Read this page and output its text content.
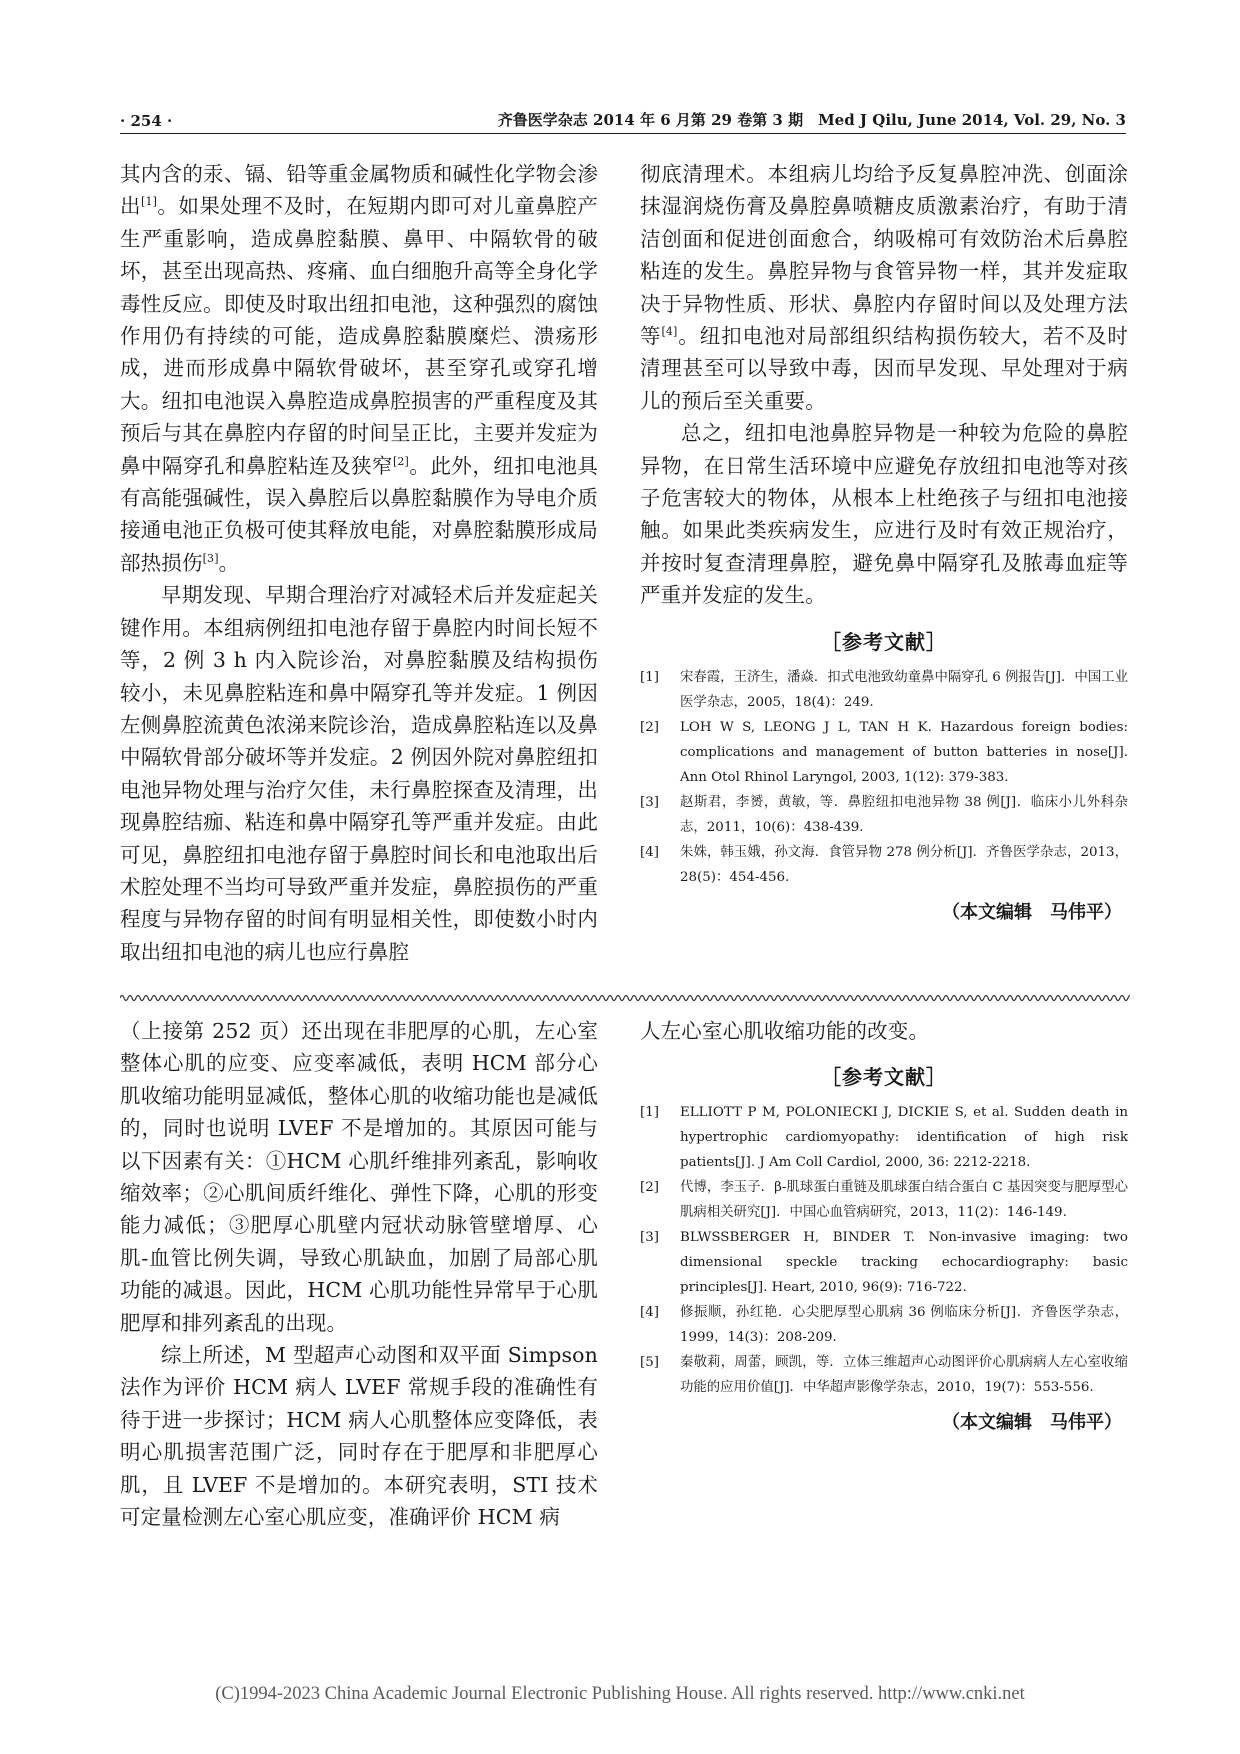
· 254 ·	齐鲁医学杂志 2014 年 6 月第 29 卷第 3 期　Med J Qilu, June 2014, Vol. 29, No. 3

其内含的汞、镉、铅等重金属物质和碱性化学物会渗出[1]。如果处理不及时，在短期内即可对儿童鼻腔产生严重影响，造成鼻腔黏膜、鼻甲、中隔软骨的破坏，甚至出现高热、疼痛、血白细胞升高等全身化学毒性反应。即使及时取出纽扣电池，这种强烈的腐蚀作用仍有持续的可能，造成鼻腔黏膜糜烂、溃疡形成，进而形成鼻中隔软骨破坏，甚至穿孔或穿孔增大。纽扣电池误入鼻腔造成鼻腔损害的严重程度及其预后与其在鼻腔内存留的时间呈正比，主要并发症为鼻中隔穿孔和鼻腔粘连及狭窄[2]。此外，纽扣电池具有高能强碱性，误入鼻腔后以鼻腔黏膜作为导电介质接通电池正负极可使其释放电能，对鼻腔黏膜形成局部热损伤[3]。

早期发现、早期合理治疗对减轻术后并发症起关键作用。本组病例纽扣电池存留于鼻腔内时间长短不等，2 例 3 h 内入院诊治，对鼻腔黏膜及结构损伤较小，未见鼻腔粘连和鼻中隔穿孔等并发症。1 例因左侧鼻腔流黄色浓涕来院诊治，造成鼻腔粘连以及鼻中隔软骨部分破坏等并发症。2 例因外院对鼻腔纽扣电池异物处理与治疗欠佳，未行鼻腔探查及清理，出现鼻腔结痂、粘连和鼻中隔穿孔等严重并发症。由此可见，鼻腔纽扣电池存留于鼻腔时间长和电池取出后术腔处理不当均可导致严重并发症，鼻腔损伤的严重程度与异物存留的时间有明显相关性，即使数小时内取出纽扣电池的病儿也应行鼻腔

彻底清理术。本组病儿均给予反复鼻腔冲洗、创面涂抹湿润烧伤膏及鼻腔鼻喷糖皮质激素治疗，有助于清洁创面和促进创面愈合，纳吸棉可有效防治术后鼻腔粘连的发生。鼻腔异物与食管异物一样，其并发症取决于异物性质、形状、鼻腔内存留时间以及处理方法等[4]。纽扣电池对局部组织结构损伤较大，若不及时清理甚至可以导致中毒，因而早发现、早处理对于病儿的预后至关重要。

总之，纽扣电池鼻腔异物是一种较为危险的鼻腔异物，在日常生活环境中应避免存放纽扣电池等对孩子危害较大的物体，从根本上杜绝孩子与纽扣电池接触。如果此类疾病发生，应进行及时有效正规治疗，并按时复查清理鼻腔，避免鼻中隔穿孔及脓毒血症等严重并发症的发生。

［参考文献］
[1]	宋春霞，王济生，潘焱．扣式电池致幼童鼻中隔穿孔 6 例报告[J]．中国工业医学杂志，2005，18(4)：249.
[2]	LOH W S, LEONG J L, TAN H K. Hazardous foreign bodies: complications and management of button batteries in nose[J]. Ann Otol Rhinol Laryngol, 2003, 1(12): 379-383.
[3]	赵斯君，李赟，黄敏，等．鼻腔纽扣电池异物 38 例[J]．临床小儿外科杂志，2011，10(6)：438-439.
[4]	朱姝，韩玉娥，孙文海．食管异物 278 例分析[J]．齐鲁医学杂志，2013，28(5)：454-456.
（本文编辑　马伟平）

（上接第 252 页）还出现在非肥厚的心肌，左心室整体心肌的应变、应变率减低，表明 HCM 部分心肌收缩功能明显减低，整体心肌的收缩功能也是减低的，同时也说明 LVEF 不是增加的。其原因可能与以下因素有关：①HCM 心肌纤维排列紊乱，影响收缩效率；②心肌间质纤维化、弹性下降，心肌的形变能力减低；③肥厚心肌壁内冠状动脉管壁增厚、心肌-血管比例失调，导致心肌缺血，加剧了局部心肌功能的减退。因此，HCM 心肌功能性异常早于心肌肥厚和排列紊乱的出现。

综上所述，M 型超声心动图和双平面 Simpson 法作为评价 HCM 病人 LVEF 常规手段的准确性有待于进一步探讨；HCM 病人心肌整体应变降低，表明心肌损害范围广泛，同时存在于肥厚和非肥厚心肌，且 LVEF 不是增加的。本研究表明，STI 技术可定量检测左心室心肌应变，准确评价 HCM 病

人左心室心肌收缩功能的改变。

［参考文献］
[1]	ELLIOTT P M, POLONIECKI J, DICKIE S, et al. Sudden death in hypertrophic cardiomyopathy: identification of high risk patients[J]. J Am Coll Cardiol, 2000, 36: 2212-2218.
[2]	代博，李玉子．β-肌球蛋白重链及肌球蛋白结合蛋白 C 基因突变与肥厚型心肌病相关研究[J]．中国心血管病研究，2013，11(2)：146-149.
[3]	BLWSSBERGER H, BINDER T. Non-invasive imaging: two dimensional speckle tracking echocardiography: basic principles[J]. Heart, 2010, 96(9): 716-722.
[4]	修振顺，孙红艳．心尖肥厚型心肌病 36 例临床分析[J]．齐鲁医学杂志，1999，14(3)：208-209.
[5]	秦敬莉，周蕾，顾凯，等．立体三维超声心动图评价心肌病病人左心室收缩功能的应用价值[J]．中华超声影像学杂志，2010，19(7)：553-556.
（本文编辑　马伟平）
(C)1994-2023 China Academic Journal Electronic Publishing House. All rights reserved. http://www.cnki.net
